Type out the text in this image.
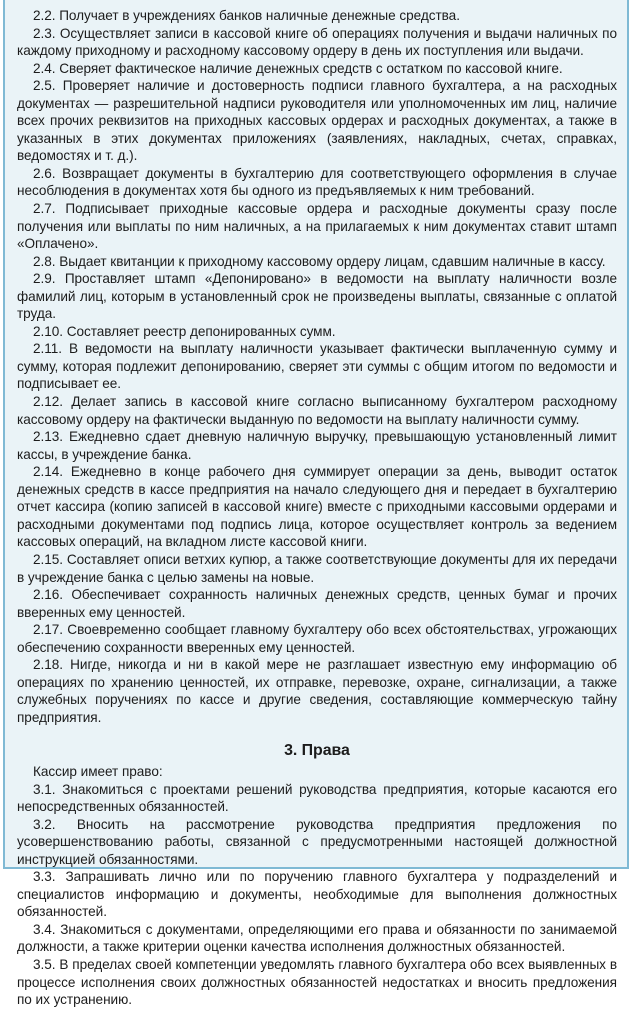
2.2. Получает в учреждениях банков наличные денежные средства.

2.3. Осуществляет записи в кассовой книге об операциях получения и выдачи наличных по каждому приходному и расходному кассовому ордеру в день их поступления или выдачи.

2.4. Сверяет фактическое наличие денежных средств с остатком по кассовой книге.

2.5. Проверяет наличие и достоверность подписи главного бухгалтера, а на расходных документах — разрешительной надписи руководителя или уполномоченных им лиц, наличие всех прочих реквизитов на приходных кассовых ордерах и расходных документах, а также в указанных в этих документах приложениях (заявлениях, накладных, счетах, справках, ведомостях и т. д.).

2.6. Возвращает документы в бухгалтерию для соответствующего оформления в случае несоблюдения в документах хотя бы одного из предъявляемых к ним требований.

2.7. Подписывает приходные кассовые ордера и расходные документы сразу после получения или выплаты по ним наличных, а на прилагаемых к ним документах ставит штамп «Оплачено».

2.8. Выдает квитанции к приходному кассовому ордеру лицам, сдавшим наличные в кассу.

2.9. Проставляет штамп «Депонировано» в ведомости на выплату наличности возле фамилий лиц, которым в установленный срок не произведены выплаты, связанные с оплатой труда.

2.10. Составляет реестр депонированных сумм.

2.11. В ведомости на выплату наличности указывает фактически выплаченную сумму и сумму, которая подлежит депонированию, сверяет эти суммы с общим итогом по ведомости и подписывает ее.

2.12. Делает запись в кассовой книге согласно выписанному бухгалтером расходному кассовому ордеру на фактически выданную по ведомости на выплату наличности сумму.

2.13. Ежедневно сдает дневную наличную выручку, превышающую установленный лимит кассы, в учреждение банка.

2.14. Ежедневно в конце рабочего дня суммирует операции за день, выводит остаток денежных средств в кассе предприятия на начало следующего дня и передает в бухгалтерию отчет кассира (копию записей в кассовой книге) вместе с приходными кассовыми ордерами и расходными документами под подпись лица, которое осуществляет контроль за ведением кассовых операций, на вкладном листе кассовой книги.

2.15. Составляет описи ветхих купюр, а также соответствующие документы для их передачи в учреждение банка с целью замены на новые.

2.16. Обеспечивает сохранность наличных денежных средств, ценных бумаг и прочих вверенных ему ценностей.

2.17. Своевременно сообщает главному бухгалтеру обо всех обстоятельствах, угрожающих обеспечению сохранности вверенных ему ценностей.

2.18. Нигде, никогда и ни в какой мере не разглашает известную ему информацию об операциях по хранению ценностей, их отправке, перевозке, охране, сигнализации, а также служебных поручениях по кассе и другие сведения, составляющие коммерческую тайну предприятия.

3. Права

Кассир имеет право:

3.1. Знакомиться с проектами решений руководства предприятия, которые касаются его непосредственных обязанностей.

3.2. Вносить на рассмотрение руководства предприятия предложения по усовершенствованию работы, связанной с предусмотренными настоящей должностной инструкцией обязанностями.

3.3. Запрашивать лично или по поручению главного бухгалтера у подразделений и специалистов информацию и документы, необходимые для выполнения должностных обязанностей.

3.4. Знакомиться с документами, определяющими его права и обязанности по занимаемой должности, а также критерии оценки качества исполнения должностных обязанностей.

3.5. В пределах своей компетенции уведомлять главного бухгалтера обо всех выявленных в процессе исполнения своих должностных обязанностей недостатках и вносить предложения по их устранению.
